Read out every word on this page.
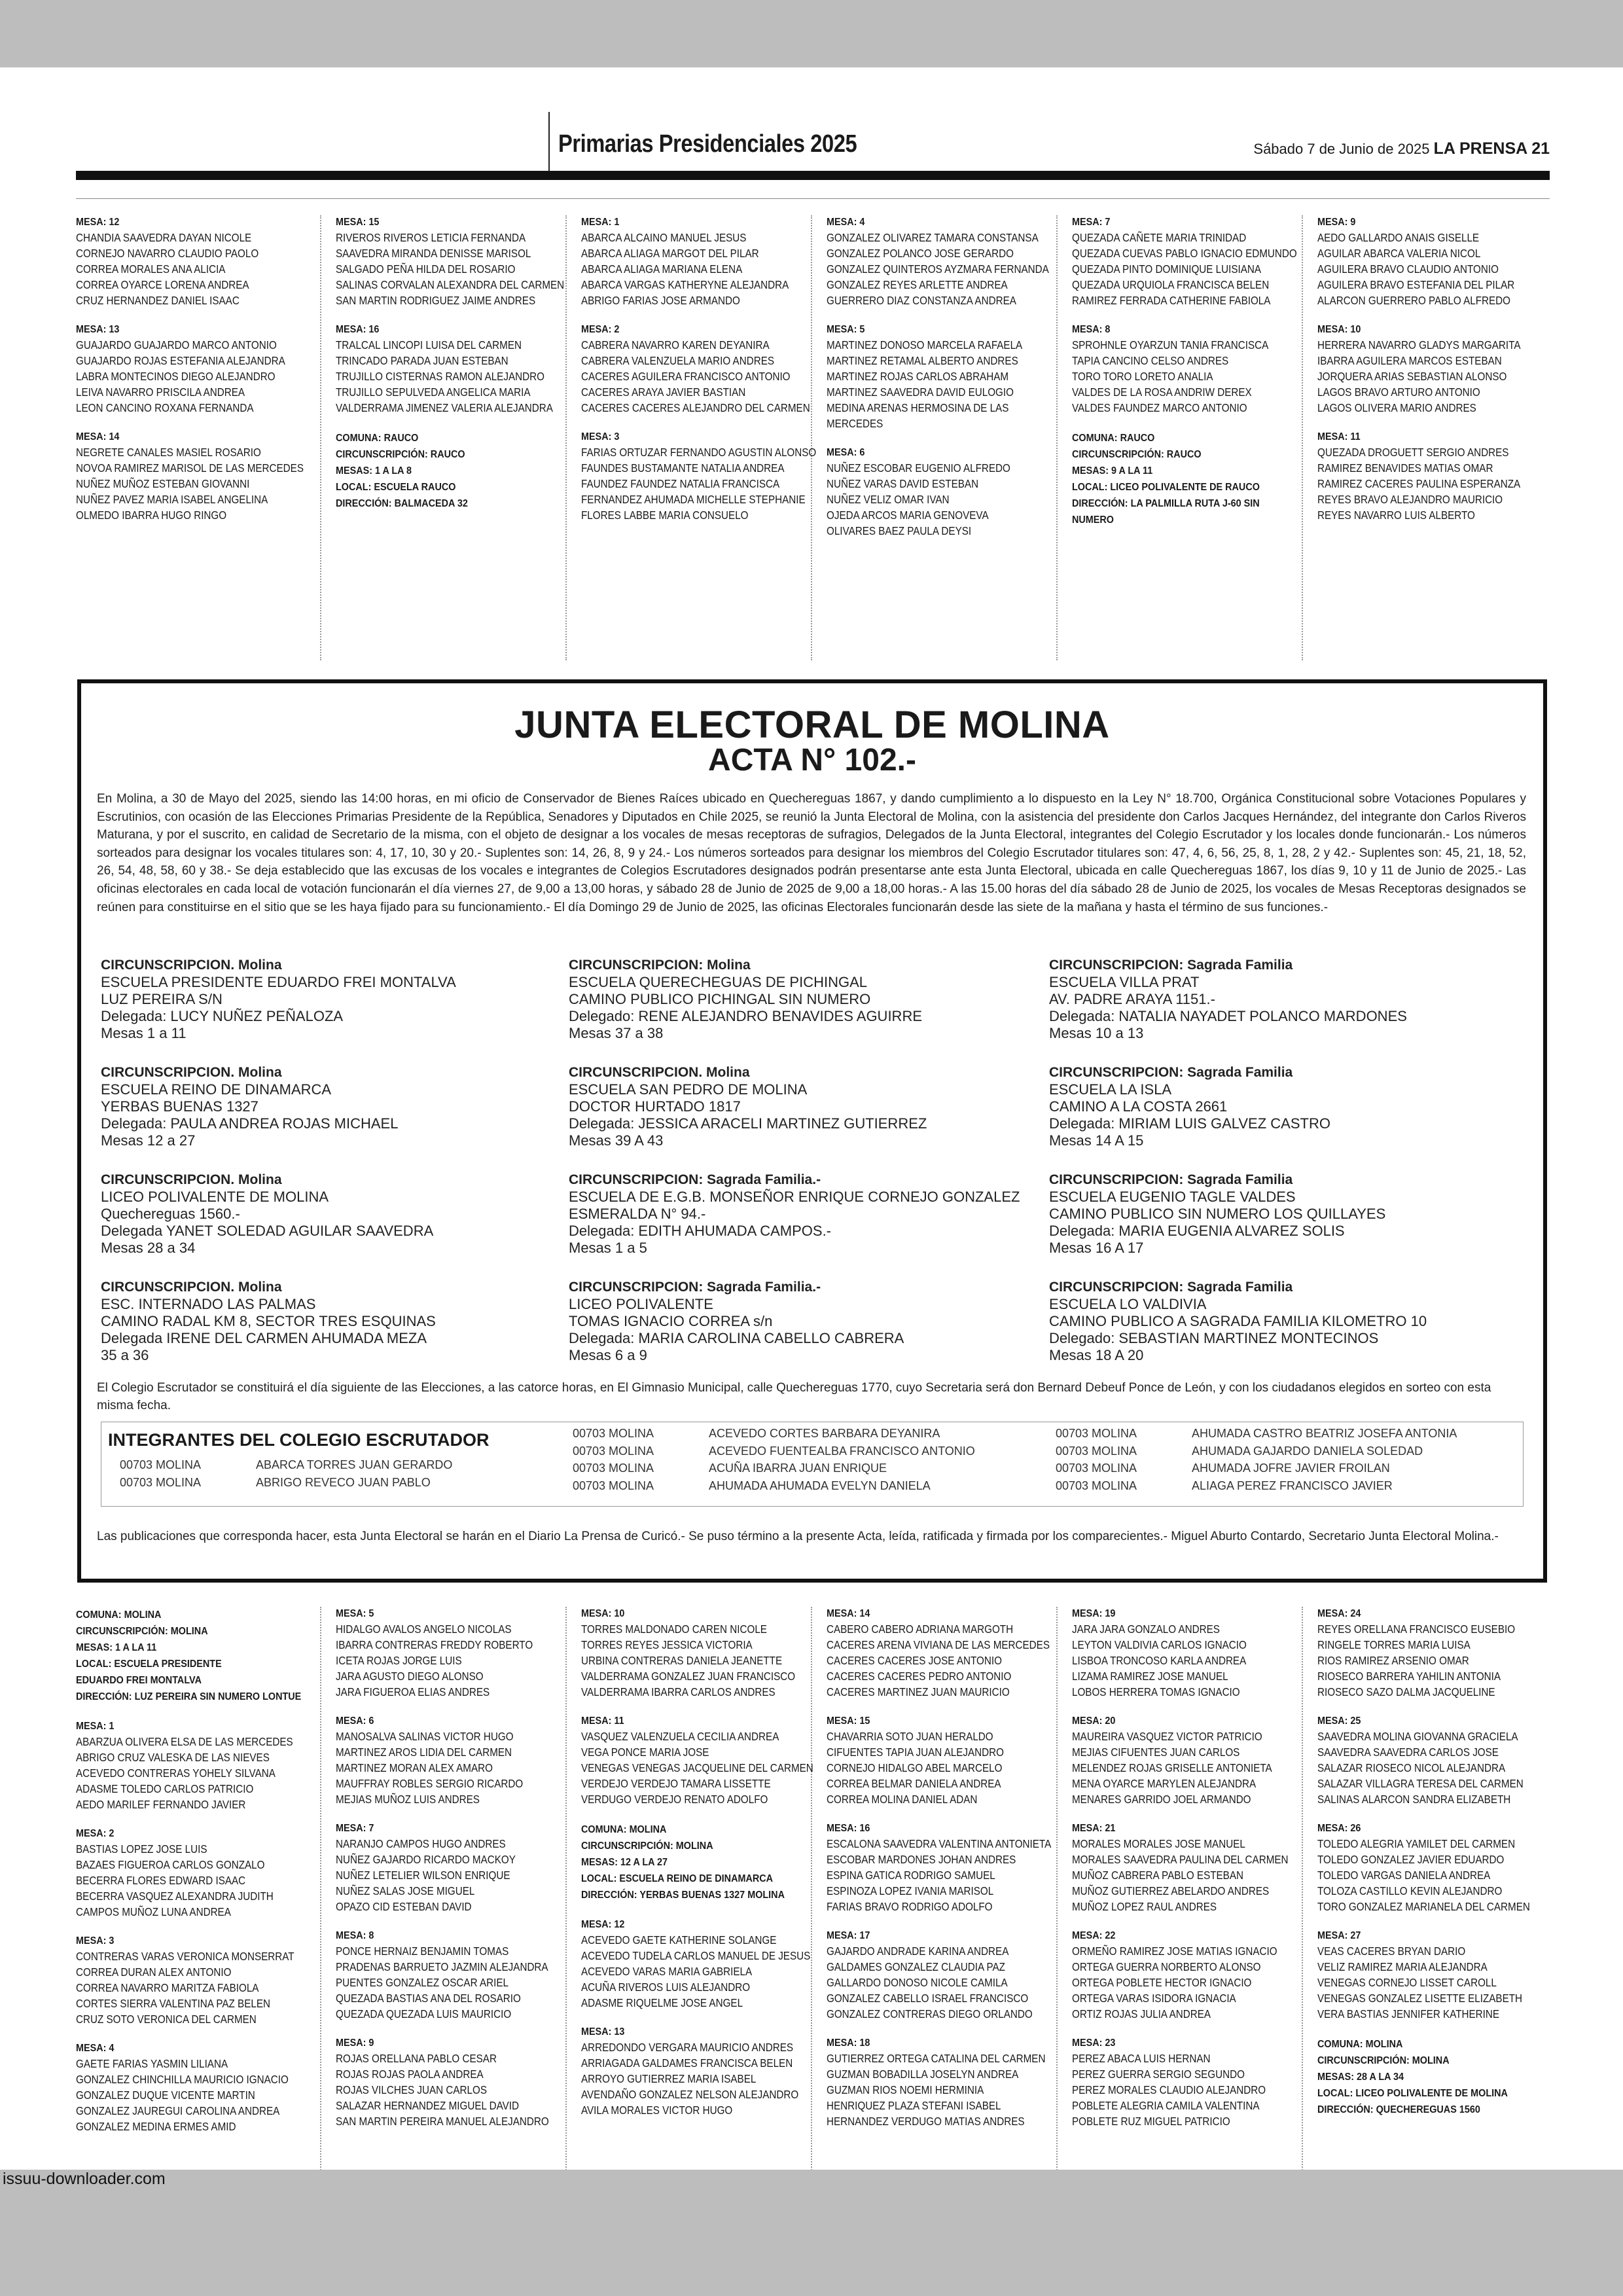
Primarias Presidenciales 2025	Sábado 7 de Junio de 2025 LA PRENSA 21
MESA: 12
CHANDIA SAAVEDRA DAYAN NICOLE
CORNEJO NAVARRO CLAUDIO PAOLO
CORREA MORALES ANA ALICIA
CORREA OYARCE LORENA ANDREA
CRUZ HERNANDEZ DANIEL ISAAC
MESA: 13
GUAJARDO GUAJARDO MARCO ANTONIO
GUAJARDO ROJAS ESTEFANIA ALEJANDRA
LABRA MONTECINOS DIEGO ALEJANDRO
LEIVA NAVARRO PRISCILA ANDREA
LEON CANCINO ROXANA FERNANDA
MESA: 14
NEGRETE CANALES MASIEL ROSARIO
NOVOA RAMIREZ MARISOL DE LAS MERCEDES
NUÑEZ MUÑOZ ESTEBAN GIOVANNI
NUÑEZ PAVEZ MARIA ISABEL ANGELINA
OLMEDO IBARRA HUGO RINGO
MESA: 15
RIVEROS RIVEROS LETICIA FERNANDA
SAAVEDRA MIRANDA DENISSE MARISOL
SALGADO PEÑA HILDA DEL ROSARIO
SALINAS CORVALAN ALEXANDRA DEL CARMEN
SAN MARTIN RODRIGUEZ JAIME ANDRES
MESA: 16
TRALCAL LINCOPI LUISA DEL CARMEN
TRINCADO PARADA JUAN ESTEBAN
TRUJILLO CISTERNAS RAMON ALEJANDRO
TRUJILLO SEPULVEDA ANGELICA MARIA
VALDERRAMA JIMENEZ VALERIA ALEJANDRA
COMUNA: RAUCO
CIRCUNSCRIPCIÓN: RAUCO
MESAS: 1 A LA 8
LOCAL: ESCUELA RAUCO
DIRECCIÓN: BALMACEDA 32
MESA: 1
ABARCA ALCAINO MANUEL JESUS
ABARCA ALIAGA MARGOT DEL PILAR
ABARCA ALIAGA MARIANA ELENA
ABARCA VARGAS KATHERYNE ALEJANDRA
ABRIGO FARIAS JOSE ARMANDO
MESA: 2
CABRERA NAVARRO KAREN DEYANIRA
CABRERA VALENZUELA MARIO ANDRES
CACERES AGUILERA FRANCISCO ANTONIO
CACERES ARAYA JAVIER BASTIAN
CACERES CACERES ALEJANDRO DEL CARMEN
MESA: 3
FARIAS ORTUZAR FERNANDO AGUSTIN ALONSO
FAUNDES BUSTAMANTE NATALIA ANDREA
FAUNDEZ FAUNDEZ NATALIA FRANCISCA
FERNANDEZ AHUMADA MICHELLE STEPHANIE
FLORES LABBE MARIA CONSUELO
MESA: 4
GONZALEZ OLIVAREZ TAMARA CONSTANSA
GONZALEZ POLANCO JOSE GERARDO
GONZALEZ QUINTEROS AYZMARA FERNANDA
GONZALEZ REYES ARLETTE ANDREA
GUERRERO DIAZ CONSTANZA ANDREA
MESA: 5
MARTINEZ DONOSO MARCELA RAFAELA
MARTINEZ RETAMAL ALBERTO ANDRES
MARTINEZ ROJAS CARLOS ABRAHAM
MARTINEZ SAAVEDRA DAVID EULOGIO
MEDINA ARENAS HERMOSINA DE LAS
MERCEDES
MESA: 6
NUÑEZ ESCOBAR EUGENIO ALFREDO
NUÑEZ VARAS DAVID ESTEBAN
NUÑEZ VELIZ OMAR IVAN
OJEDA ARCOS MARIA GENOVEVA
OLIVARES BAEZ PAULA DEYSI
MESA: 7
QUEZADA CAÑETE MARIA TRINIDAD
QUEZADA CUEVAS PABLO IGNACIO EDMUNDO
QUEZADA PINTO DOMINIQUE LUISIANA
QUEZADA URQUIOLA FRANCISCA BELEN
RAMIREZ FERRADA CATHERINE FABIOLA
MESA: 8
SPROHNLE OYARZUN TANIA FRANCISCA
TAPIA CANCINO CELSO ANDRES
TORO TORO LORETO ANALIA
VALDES DE LA ROSA ANDRIW DEREX
VALDES FAUNDEZ MARCO ANTONIO
COMUNA: RAUCO
CIRCUNSCRIPCIÓN: RAUCO
MESAS: 9 A LA 11
LOCAL: LICEO POLIVALENTE DE RAUCO
DIRECCIÓN: LA PALMILLA RUTA J-60 SIN
NUMERO
MESA: 9
AEDO GALLARDO ANAIS GISELLE
AGUILAR ABARCA VALERIA NICOL
AGUILERA BRAVO CLAUDIO ANTONIO
AGUILERA BRAVO ESTEFANIA DEL PILAR
ALARCON GUERRERO PABLO ALFREDO
MESA: 10
HERRERA NAVARRO GLADYS MARGARITA
IBARRA AGUILERA MARCOS ESTEBAN
JORQUERA ARIAS SEBASTIAN ALONSO
LAGOS BRAVO ARTURO ANTONIO
LAGOS OLIVERA MARIO ANDRES
MESA: 11
QUEZADA DROGUETT SERGIO ANDRES
RAMIREZ BENAVIDES MATIAS OMAR
RAMIREZ CACERES PAULINA ESPERANZA
REYES BRAVO ALEJANDRO MAURICIO
REYES NAVARRO LUIS ALBERTO
JUNTA ELECTORAL DE MOLINA
ACTA N° 102.-
En Molina, a 30 de Mayo del 2025, siendo las 14:00 horas, en mi oficio de Conservador de Bienes Raíces ubicado en Quechereguas 1867, y dando cumplimiento a lo dispuesto en la Ley N° 18.700, Orgánica Constitucional sobre Votaciones Populares y Escrutinios, con ocasión de las Elecciones Primarias Presidente de la República, Senadores y Diputados en Chile 2025, se reunió la Junta Electoral de Molina, con la asistencia del presidente don Carlos Jacques Hernández, del integrante don Carlos Riveros Maturana, y por el suscrito, en calidad de Secretario de la misma, con el objeto de designar a los vocales de mesas receptoras de sufragios, Delegados de la Junta Electoral, integrantes del Colegio Escrutador y los locales donde funcionarán.- Los números sorteados para designar los vocales titulares son: 4, 17, 10, 30 y 20.- Suplentes son: 14, 26, 8, 9 y 24.- Los números sorteados para designar los miembros del Colegio Escrutador titulares son: 47, 4, 6, 56, 25, 8, 1, 28, 2 y 42.- Suplentes son: 45, 21, 18, 52, 26, 54, 48, 58, 60 y 38.- Se deja establecido que las excusas de los vocales e integrantes de Colegios Escrutadores designados podrán presentarse ante esta Junta Electoral, ubicada en calle Quechereguas 1867, los días 9, 10 y 11 de Junio de 2025.- Las oficinas electorales en cada local de votación funcionarán el día viernes 27, de 9,00 a 13,00 horas, y sábado 28 de Junio de 2025 de 9,00 a 18,00 horas.- A las 15.00 horas del día sábado 28 de Junio de 2025, los vocales de Mesas Receptoras designados se reúnen para constituirse en el sitio que se les haya fijado para su funcionamiento.- El día Domingo 29 de Junio de 2025, las oficinas Electorales funcionarán desde las siete de la mañana y hasta el término de sus funciones.-
CIRCUNSCRIPCION. Molina
ESCUELA PRESIDENTE EDUARDO FREI MONTALVA
LUZ PEREIRA S/N
Delegada: LUCY NUÑEZ PEÑALOZA
Mesas 1 a 11
CIRCUNSCRIPCION. Molina
ESCUELA REINO DE DINAMARCA
YERBAS BUENAS 1327
Delegada: PAULA ANDREA ROJAS MICHAEL
Mesas 12 a 27
CIRCUNSCRIPCION. Molina
LICEO POLIVALENTE DE MOLINA
Quechereguas 1560.-
Delegada YANET SOLEDAD AGUILAR SAAVEDRA
Mesas 28 a 34
CIRCUNSCRIPCION. Molina
ESC. INTERNADO LAS PALMAS
CAMINO RADAL KM 8, SECTOR TRES ESQUINAS
Delegada IRENE DEL CARMEN AHUMADA MEZA
35 a 36
CIRCUNSCRIPCION: Molina
ESCUELA QUERECHEGUAS DE PICHINGAL
CAMINO PUBLICO PICHINGAL SIN NUMERO
Delegado: RENE ALEJANDRO BENAVIDES AGUIRRE
Mesas 37 a 38
CIRCUNSCRIPCION. Molina
ESCUELA SAN PEDRO DE MOLINA
DOCTOR HURTADO 1817
Delegada: JESSICA ARACELI MARTINEZ GUTIERREZ
Mesas 39 A 43
CIRCUNSCRIPCION: Sagrada Familia.-
ESCUELA DE E.G.B. MONSEÑOR ENRIQUE CORNEJO GONZALEZ
ESMERALDA N° 94.-
Delegada: EDITH AHUMADA CAMPOS.-
Mesas 1 a 5
CIRCUNSCRIPCION: Sagrada Familia.-
LICEO POLIVALENTE
TOMAS IGNACIO CORREA s/n
Delegada: MARIA CAROLINA CABELLO CABRERA
Mesas 6 a 9
CIRCUNSCRIPCION: Sagrada Familia
ESCUELA VILLA PRAT
AV. PADRE ARAYA 1151.-
Delegada: NATALIA NAYADET POLANCO MARDONES
Mesas 10 a 13
CIRCUNSCRIPCION: Sagrada Familia
ESCUELA LA ISLA
CAMINO A LA COSTA 2661
Delegada: MIRIAM LUIS GALVEZ CASTRO
Mesas 14 A 15
CIRCUNSCRIPCION: Sagrada Familia
ESCUELA EUGENIO TAGLE VALDES
CAMINO PUBLICO SIN NUMERO LOS QUILLAYES
Delegada: MARIA EUGENIA ALVAREZ SOLIS
Mesas 16 A 17
CIRCUNSCRIPCION: Sagrada Familia
ESCUELA LO VALDIVIA
CAMINO PUBLICO A SAGRADA FAMILIA KILOMETRO 10
Delegado: SEBASTIAN MARTINEZ MONTECINOS
Mesas 18 A 20
El Colegio Escrutador se constituirá el día siguiente de las Elecciones, a las catorce horas, en El Gimnasio Municipal, calle Quechereguas 1770, cuyo Secretaria será don Bernard Debeuf Ponce de León, y con los ciudadanos elegidos en sorteo con esta misma fecha.
INTEGRANTES DEL COLEGIO ESCRUTADOR
00703 MOLINA	ABARCA TORRES JUAN GERARDO
00703 MOLINA	ABRIGO REVECO JUAN PABLO
00703 MOLINA	ACEVEDO CORTES BARBARA DEYANIRA
00703 MOLINA	ACEVEDO FUENTEALBA FRANCISCO ANTONIO
00703 MOLINA	ACUÑA IBARRA JUAN ENRIQUE
00703 MOLINA	AHUMADA AHUMADA EVELYN DANIELA
00703 MOLINA	AHUMADA CASTRO BEATRIZ JOSEFA ANTONIA
00703 MOLINA	AHUMADA GAJARDO DANIELA SOLEDAD
00703 MOLINA	AHUMADA JOFRE JAVIER FROILAN
00703 MOLINA	ALIAGA PEREZ FRANCISCO JAVIER
Las publicaciones que corresponda hacer, esta Junta Electoral se harán en el Diario La Prensa de Curicó.- Se puso término a la presente Acta, leída, ratificada y firmada por los comparecientes.- Miguel Aburto Contardo, Secretario Junta Electoral Molina.-
COMUNA: MOLINA
CIRCUNSCRIPCIÓN: MOLINA
MESAS: 1 A LA 11
LOCAL: ESCUELA PRESIDENTE
EDUARDO FREI MONTALVA
DIRECCIÓN: LUZ PEREIRA SIN NUMERO LONTUE
MESA: 1
ABARZUA OLIVERA ELSA DE LAS MERCEDES
ABRIGO CRUZ VALESKA DE LAS NIEVES
ACEVEDO CONTRERAS YOHELY SILVANA
ADASME TOLEDO CARLOS PATRICIO
AEDO MARILEF FERNANDO JAVIER
MESA: 2
BASTIAS LOPEZ JOSE LUIS
BAZAES FIGUEROA CARLOS GONZALO
BECERRA FLORES EDWARD ISAAC
BECERRA VASQUEZ ALEXANDRA JUDITH
CAMPOS MUÑOZ LUNA ANDREA
MESA: 3
CONTRERAS VARAS VERONICA MONSERRAT
CORREA DURAN ALEX ANTONIO
CORREA NAVARRO MARITZA FABIOLA
CORTES SIERRA VALENTINA PAZ BELEN
CRUZ SOTO VERONICA DEL CARMEN
MESA: 4
GAETE FARIAS YASMIN LILIANA
GONZALEZ CHINCHILLA MAURICIO IGNACIO
GONZALEZ DUQUE VICENTE MARTIN
GONZALEZ JAUREGUI CAROLINA ANDREA
GONZALEZ MEDINA ERMES AMID
MESA: 5
HIDALGO AVALOS ANGELO NICOLAS
IBARRA CONTRERAS FREDDY ROBERTO
ICETA ROJAS JORGE LUIS
JARA AGUSTO DIEGO ALONSO
JARA FIGUEROA ELIAS ANDRES
MESA: 6
MANOSALVA SALINAS VICTOR HUGO
MARTINEZ AROS LIDIA DEL CARMEN
MARTINEZ MORAN ALEX AMARO
MAUFFRAY ROBLES SERGIO RICARDO
MEJIAS MUÑOZ LUIS ANDRES
MESA: 7
NARANJO CAMPOS HUGO ANDRES
NUÑEZ GAJARDO RICARDO MACKOY
NUÑEZ LETELIER WILSON ENRIQUE
NUÑEZ SALAS JOSE MIGUEL
OPAZO CID ESTEBAN DAVID
MESA: 8
PONCE HERNAIZ BENJAMIN TOMAS
PRADENAS BARRUETO JAZMIN ALEJANDRA
PUENTES GONZALEZ OSCAR ARIEL
QUEZADA BASTIAS ANA DEL ROSARIO
QUEZADA QUEZADA LUIS MAURICIO
MESA: 9
ROJAS ORELLANA PABLO CESAR
ROJAS ROJAS PAOLA ANDREA
ROJAS VILCHES JUAN CARLOS
SALAZAR HERNANDEZ MIGUEL DAVID
SAN MARTIN PEREIRA MANUEL ALEJANDRO
MESA: 10
TORRES MALDONADO CAREN NICOLE
TORRES REYES JESSICA VICTORIA
URBINA CONTRERAS DANIELA JEANETTE
VALDERRAMA GONZALEZ JUAN FRANCISCO
VALDERRAMA IBARRA CARLOS ANDRES
MESA: 11
VASQUEZ VALENZUELA CECILIA ANDREA
VEGA PONCE MARIA JOSE
VENEGAS VENEGAS JACQUELINE DEL CARMEN
VERDEJO VERDEJO TAMARA LISSETTE
VERDUGO VERDEJO RENATO ADOLFO
COMUNA: MOLINA
CIRCUNSCRIPCIÓN: MOLINA
MESAS: 12 A LA 27
LOCAL: ESCUELA REINO DE DINAMARCA
DIRECCIÓN: YERBAS BUENAS 1327 MOLINA
MESA: 12
ACEVEDO GAETE KATHERINE SOLANGE
ACEVEDO TUDELA CARLOS MANUEL DE JESUS
ACEVEDO VARAS MARIA GABRIELA
ACUÑA RIVEROS LUIS ALEJANDRO
ADASME RIQUELME JOSE ANGEL
MESA: 13
ARREDONDO VERGARA MAURICIO ANDRES
ARRIAGADA GALDAMES FRANCISCA BELEN
ARROYO GUTIERREZ MARIA ISABEL
AVENDAÑO GONZALEZ NELSON ALEJANDRO
AVILA MORALES VICTOR HUGO
MESA: 14
CABERO CABERO ADRIANA MARGOTH
CACERES ARENA VIVIANA DE LAS MERCEDES
CACERES CACERES JOSE ANTONIO
CACERES CACERES PEDRO ANTONIO
CACERES MARTINEZ JUAN MAURICIO
MESA: 15
CHAVARRIA SOTO JUAN HERALDO
CIFUENTES TAPIA JUAN ALEJANDRO
CORNEJO HIDALGO ABEL MARCELO
CORREA BELMAR DANIELA ANDREA
CORREA MOLINA DANIEL ADAN
MESA: 16
ESCALONA SAAVEDRA VALENTINA ANTONIETA
ESCOBAR MARDONES JOHAN ANDRES
ESPINA GATICA RODRIGO SAMUEL
ESPINOZA LOPEZ IVANIA MARISOL
FARIAS BRAVO RODRIGO ADOLFO
MESA: 17
GAJARDO ANDRADE KARINA ANDREA
GALDAMES GONZALEZ CLAUDIA PAZ
GALLARDO DONOSO NICOLE CAMILA
GONZALEZ CABELLO ISRAEL FRANCISCO
GONZALEZ CONTRERAS DIEGO ORLANDO
MESA: 18
GUTIERREZ ORTEGA CATALINA DEL CARMEN
GUZMAN BOBADILLA JOSELYN ANDREA
GUZMAN RIOS NOEMI HERMINIA
HENRIQUEZ PLAZA STEFANI ISABEL
HERNANDEZ VERDUGO MATIAS ANDRES
MESA: 19
JARA JARA GONZALO ANDRES
LEYTON VALDIVIA CARLOS IGNACIO
LISBOA TRONCOSO KARLA ANDREA
LIZAMA RAMIREZ JOSE MANUEL
LOBOS HERRERA TOMAS IGNACIO
MESA: 20
MAUREIRA VASQUEZ VICTOR PATRICIO
MEJIAS CIFUENTES JUAN CARLOS
MELENDEZ ROJAS GRISELLE ANTONIETA
MENA OYARCE MARYLEN ALEJANDRA
MENARES GARRIDO JOEL ARMANDO
MESA: 21
MORALES MORALES JOSE MANUEL
MORALES SAAVEDRA PAULINA DEL CARMEN
MUÑOZ CABRERA PABLO ESTEBAN
MUÑOZ GUTIERREZ ABELARDO ANDRES
MUÑOZ LOPEZ RAUL ANDRES
MESA: 22
ORMEÑO RAMIREZ JOSE MATIAS IGNACIO
ORTEGA GUERRA NORBERTO ALONSO
ORTEGA POBLETE HECTOR IGNACIO
ORTEGA VARAS ISIDORA IGNACIA
ORTIZ ROJAS JULIA ANDREA
MESA: 23
PEREZ ABACA LUIS HERNAN
PEREZ GUERRA SERGIO SEGUNDO
PEREZ MORALES CLAUDIO ALEJANDRO
POBLETE ALEGRIA CAMILA VALENTINA
POBLETE RUZ MIGUEL PATRICIO
MESA: 24
REYES ORELLANA FRANCISCO EUSEBIO
RINGELE TORRES MARIA LUISA
RIOS RAMIREZ ARSENIO OMAR
RIOSECO BARRERA YAHILIN ANTONIA
RIOSECO SAZO DALMA JACQUELINE
MESA: 25
SAAVEDRA MOLINA GIOVANNA GRACIELA
SAAVEDRA SAAVEDRA CARLOS JOSE
SALAZAR RIOSECO NICOL ALEJANDRA
SALAZAR VILLAGRA TERESA DEL CARMEN
SALINAS ALARCON SANDRA ELIZABETH
MESA: 26
TOLEDO ALEGRIA YAMILET DEL CARMEN
TOLEDO GONZALEZ JAVIER EDUARDO
TOLEDO VARGAS DANIELA ANDREA
TOLOZA CASTILLO KEVIN ALEJANDRO
TORO GONZALEZ MARIANELA DEL CARMEN
MESA: 27
VEAS CACERES BRYAN DARIO
VELIZ RAMIREZ MARIA ALEJANDRA
VENEGAS CORNEJO LISSET CAROLL
VENEGAS GONZALEZ LISETTE ELIZABETH
VERA BASTIAS JENNIFER KATHERINE
COMUNA: MOLINA
CIRCUNSCRIPCIÓN: MOLINA
MESAS: 28 A LA 34
LOCAL: LICEO POLIVALENTE DE MOLINA
DIRECCIÓN: QUECHEREGUAS 1560
issuu-downloader.com
